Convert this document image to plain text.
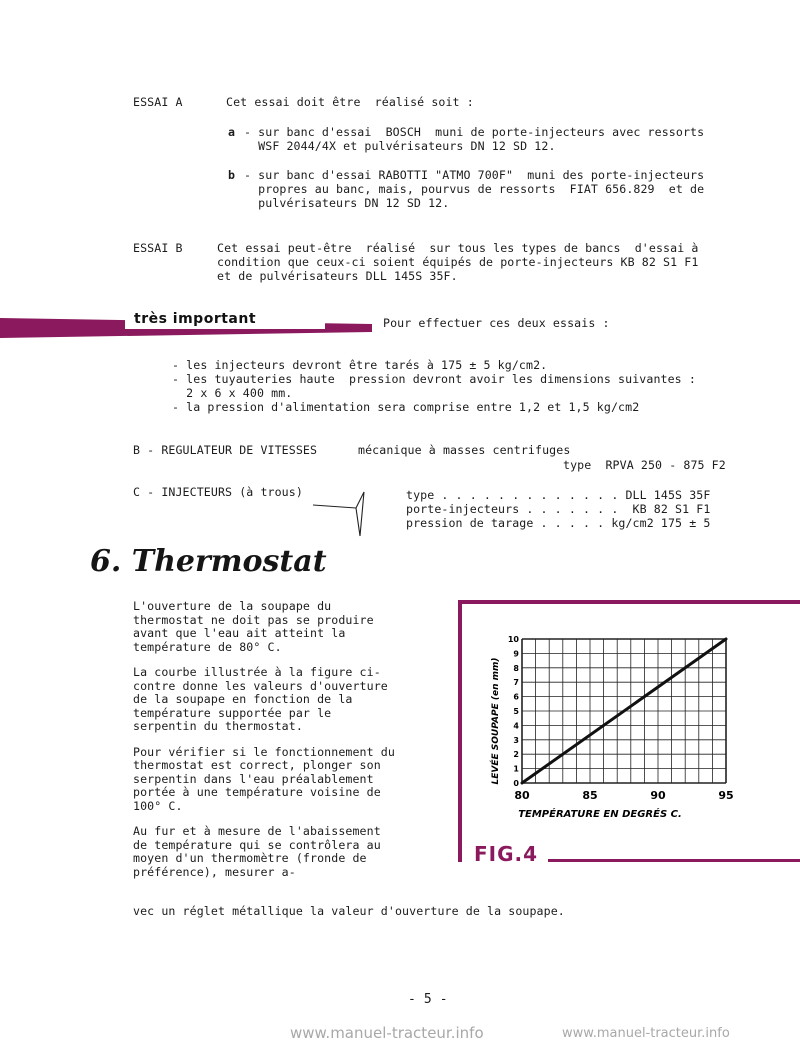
ESSAI A	Cet essai doit être  réalisé soit :
a - sur banc d'essai  BOSCH  muni de porte-injecteurs avec ressorts
WSF 2044/4X et pulvérisateurs DN 12 SD 12.
b - sur banc d'essai RABOTTI "ATMO 700F"  muni des porte-injecteurs
propres au banc, mais, pourvus de ressorts  FIAT 656.829  et de
pulvérisateurs DN 12 SD 12.
ESSAI B	Cet essai peut-être  réalisé  sur tous les types de bancs  d'essai à
condition que ceux-ci soient équipés de porte-injecteurs KB 82 S1 F1
et de pulvérisateurs DLL 145S 35F.
très important	Pour effectuer ces deux essais :
- les injecteurs devront être tarés à 175 ± 5 kg/cm2.
- les tuyauteries haute  pression devront avoir les dimensions suivantes :
2 x 6 x 400 mm.
- la pression d'alimentation sera comprise entre 1,2 et 1,5 kg/cm2
B - REGULATEUR DE VITESSES	mécanique à masses centrifuges
type  RPVA 250 - 875 F2
C - INJECTEURS (à trous)	type . . . . . . . . . . . . . DLL 145S 35F
porte-injecteurs . . . . . . .  KB 82 S1 F1
pression de tarage . . . . . kg/cm2 175 ± 5
6. Thermostat

L'ouverture de la soupape du thermostat ne doit pas se produire avant que l'eau ait atteint la température de 80° C.

La courbe illustrée à la figure ci-contre donne les valeurs d'ouverture de la soupape en fonction de la température supportée par le serpentin du thermostat.

Pour vérifier si le fonctionnement du thermostat est correct, plonger son serpentin dans l'eau préalablement portée à une température voisine de 100° C.

Au fur et à mesure de l'abaissement de température qui se contrôlera au moyen d'un thermomètre (fronde de préférence), mesurer a-

vec un réglet métallique la valeur d'ouverture de la soupape.
FIG.4
0
1
2
3
4
5
6
7
8
9
10
80	85	90	95
TEMPÉRATURE EN DEGRÉS C.
LEVÉE SOUPAPE (en mm)
- 5 -
www.manuel-tracteur.info	www.manuel-tracteur.info
